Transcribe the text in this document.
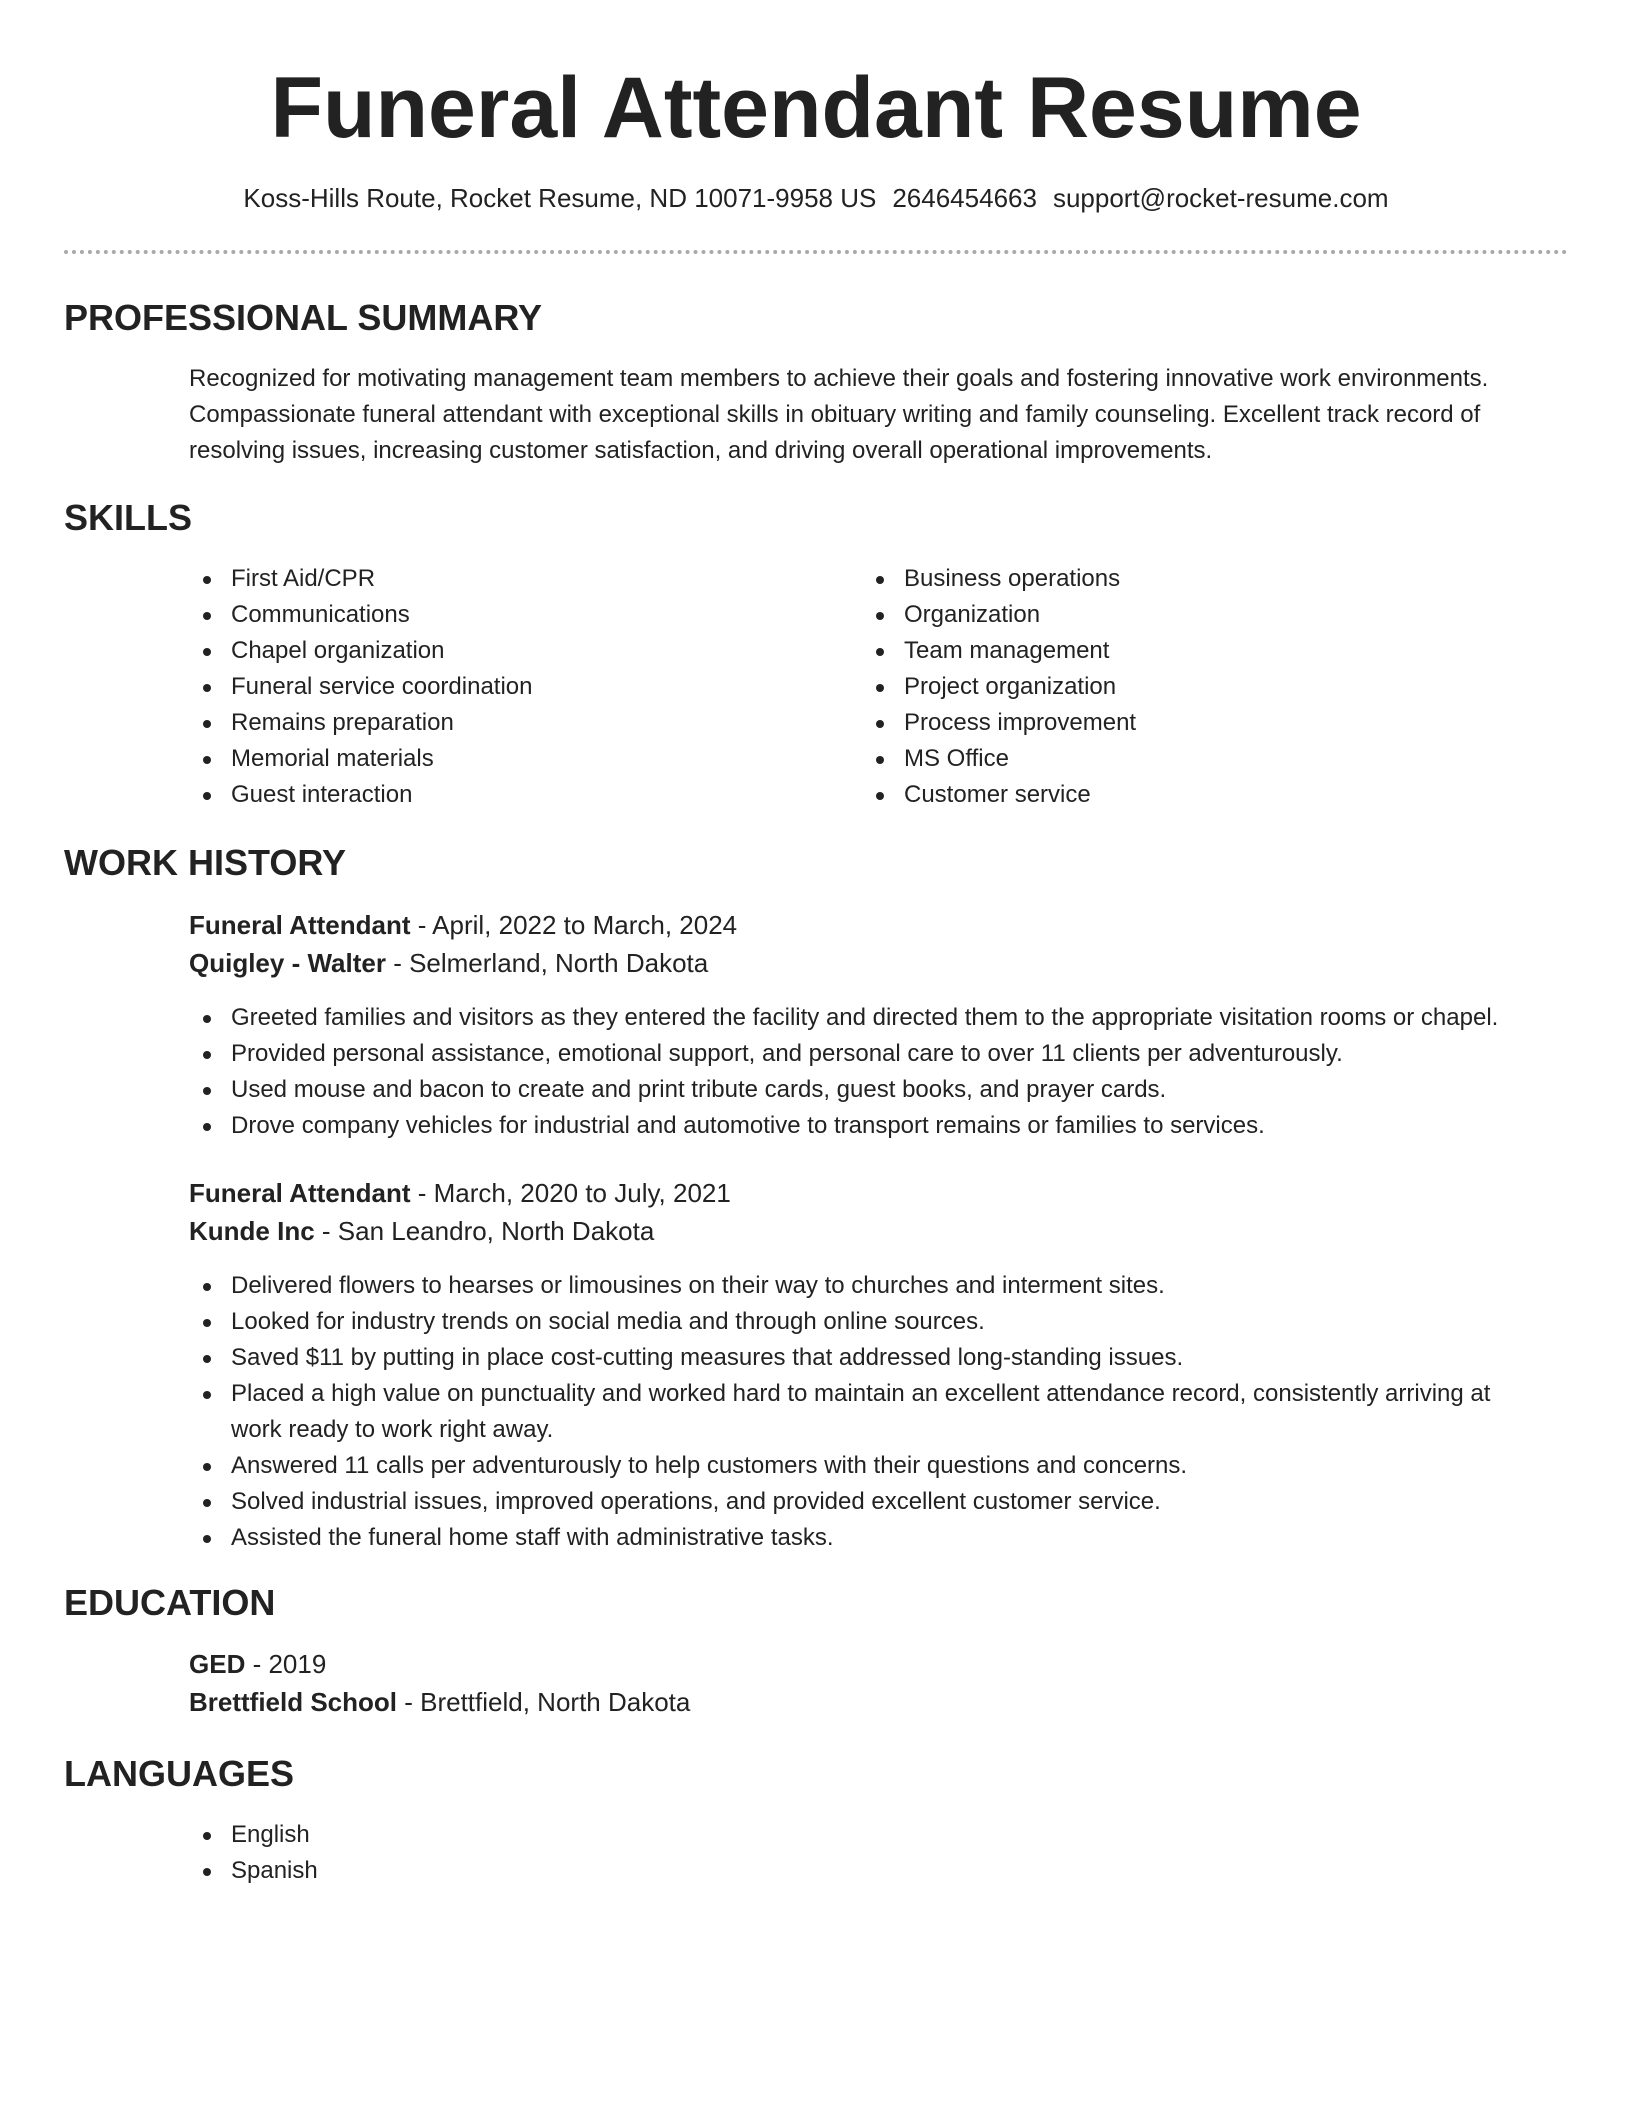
Funeral Attendant Resume
Koss-Hills Route, Rocket Resume, ND 10071-9958 US 2646454663 support@rocket-resume.com
PROFESSIONAL SUMMARY
Recognized for motivating management team members to achieve their goals and fostering innovative work environments. Compassionate funeral attendant with exceptional skills in obituary writing and family counseling. Excellent track record of resolving issues, increasing customer satisfaction, and driving overall operational improvements.
SKILLS
First Aid/CPR
Communications
Chapel organization
Funeral service coordination
Remains preparation
Memorial materials
Guest interaction
Business operations
Organization
Team management
Project organization
Process improvement
MS Office
Customer service
WORK HISTORY
Funeral Attendant - April, 2022 to March, 2024
Quigley - Walter - Selmerland, North Dakota
Greeted families and visitors as they entered the facility and directed them to the appropriate visitation rooms or chapel.
Provided personal assistance, emotional support, and personal care to over 11 clients per adventurously.
Used mouse and bacon to create and print tribute cards, guest books, and prayer cards.
Drove company vehicles for industrial and automotive to transport remains or families to services.
Funeral Attendant - March, 2020 to July, 2021
Kunde Inc - San Leandro, North Dakota
Delivered flowers to hearses or limousines on their way to churches and interment sites.
Looked for industry trends on social media and through online sources.
Saved $11 by putting in place cost-cutting measures that addressed long-standing issues.
Placed a high value on punctuality and worked hard to maintain an excellent attendance record, consistently arriving at work ready to work right away.
Answered 11 calls per adventurously to help customers with their questions and concerns.
Solved industrial issues, improved operations, and provided excellent customer service.
Assisted the funeral home staff with administrative tasks.
EDUCATION
GED - 2019
Brettfield School - Brettfield, North Dakota
LANGUAGES
English
Spanish
